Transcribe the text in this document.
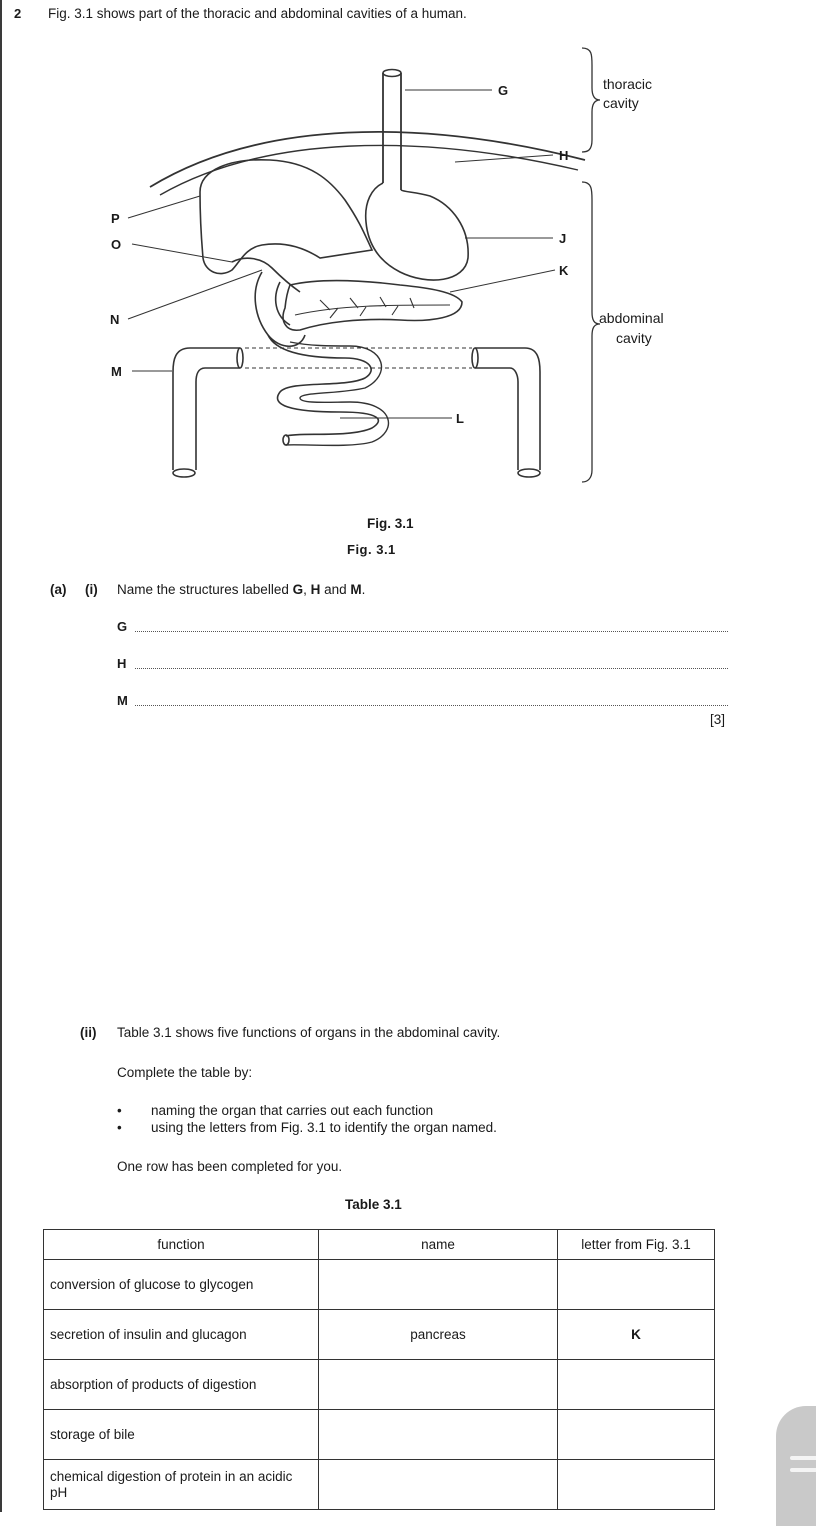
2 Fig. 3.1 shows part of the thoracic and abdominal cavities of a human.
G
H
J
K
L
M
N
O
P
thoracic
cavity
abdominal
cavity
Fig. 3.1
Fig. 3.1
(a) (i) Name the structures labelled G, H and M.
G
H
M
[3]
(ii) Table 3.1 shows five functions of organs in the abdominal cavity.
Complete the table by:
• naming the organ that carries out each function
• using the letters from Fig. 3.1 to identify the organ named.
One row has been completed for you.
Table 3.1
function	name	letter from Fig. 3.1
conversion of glucose to glycogen		
secretion of insulin and glucagon	pancreas	K
absorption of products of digestion		
storage of bile		
chemical digestion of protein in an acidic pH		
